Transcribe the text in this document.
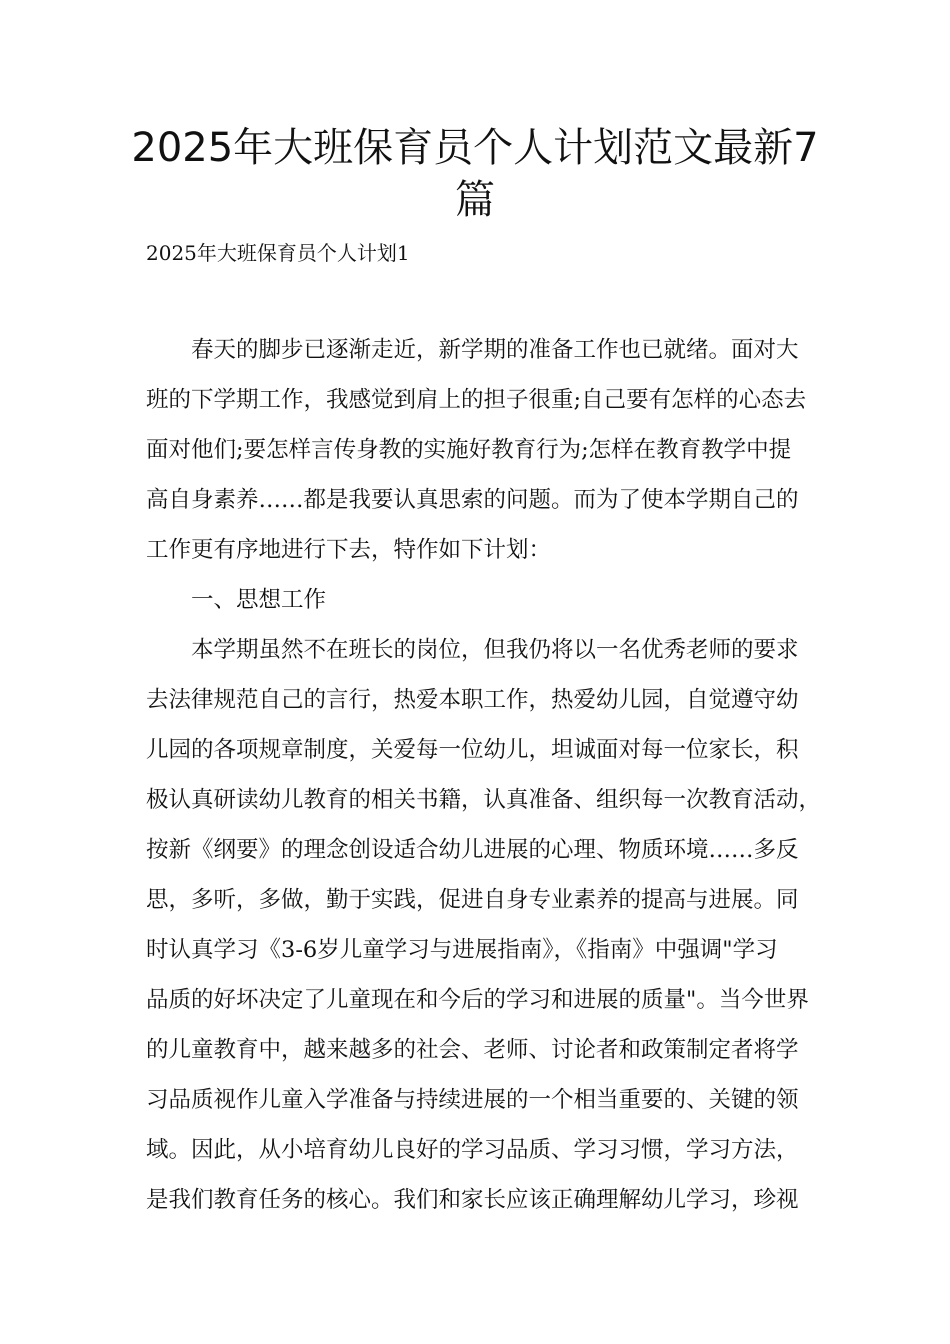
2025年大班保育员个人计划范文最新7篇

2025年大班保育员个人计划1

　　春天的脚步已逐渐走近，新学期的准备工作也已就绪。面对大

班的下学期工作，我感觉到肩上的担子很重;自己要有怎样的心态去

面对他们;要怎样言传身教的实施好教育行为;怎样在教育教学中提

高自身素养……都是我要认真思索的问题。而为了使本学期自己的

工作更有序地进行下去，特作如下计划：

　　一、思想工作

　　本学期虽然不在班长的岗位，但我仍将以一名优秀老师的要求

去法律规范自己的言行，热爱本职工作，热爱幼儿园，自觉遵守幼

儿园的各项规章制度，关爱每一位幼儿，坦诚面对每一位家长，积

极认真研读幼儿教育的相关书籍，认真准备、组织每一次教育活动，

按新《纲要》的理念创设适合幼儿进展的心理、物质环境……多反

思，多听，多做，勤于实践，促进自身专业素养的提高与进展。同

时认真学习《3-6岁儿童学习与进展指南》，《指南》中强调"学习

品质的好坏决定了儿童现在和今后的学习和进展的质量"。当今世界

的儿童教育中，越来越多的社会、老师、讨论者和政策制定者将学

习品质视作儿童入学准备与持续进展的一个相当重要的、关键的领

域。因此，从小培育幼儿良好的学习品质、学习习惯，学习方法，

是我们教育任务的核心。我们和家长应该正确理解幼儿学习，珍视
